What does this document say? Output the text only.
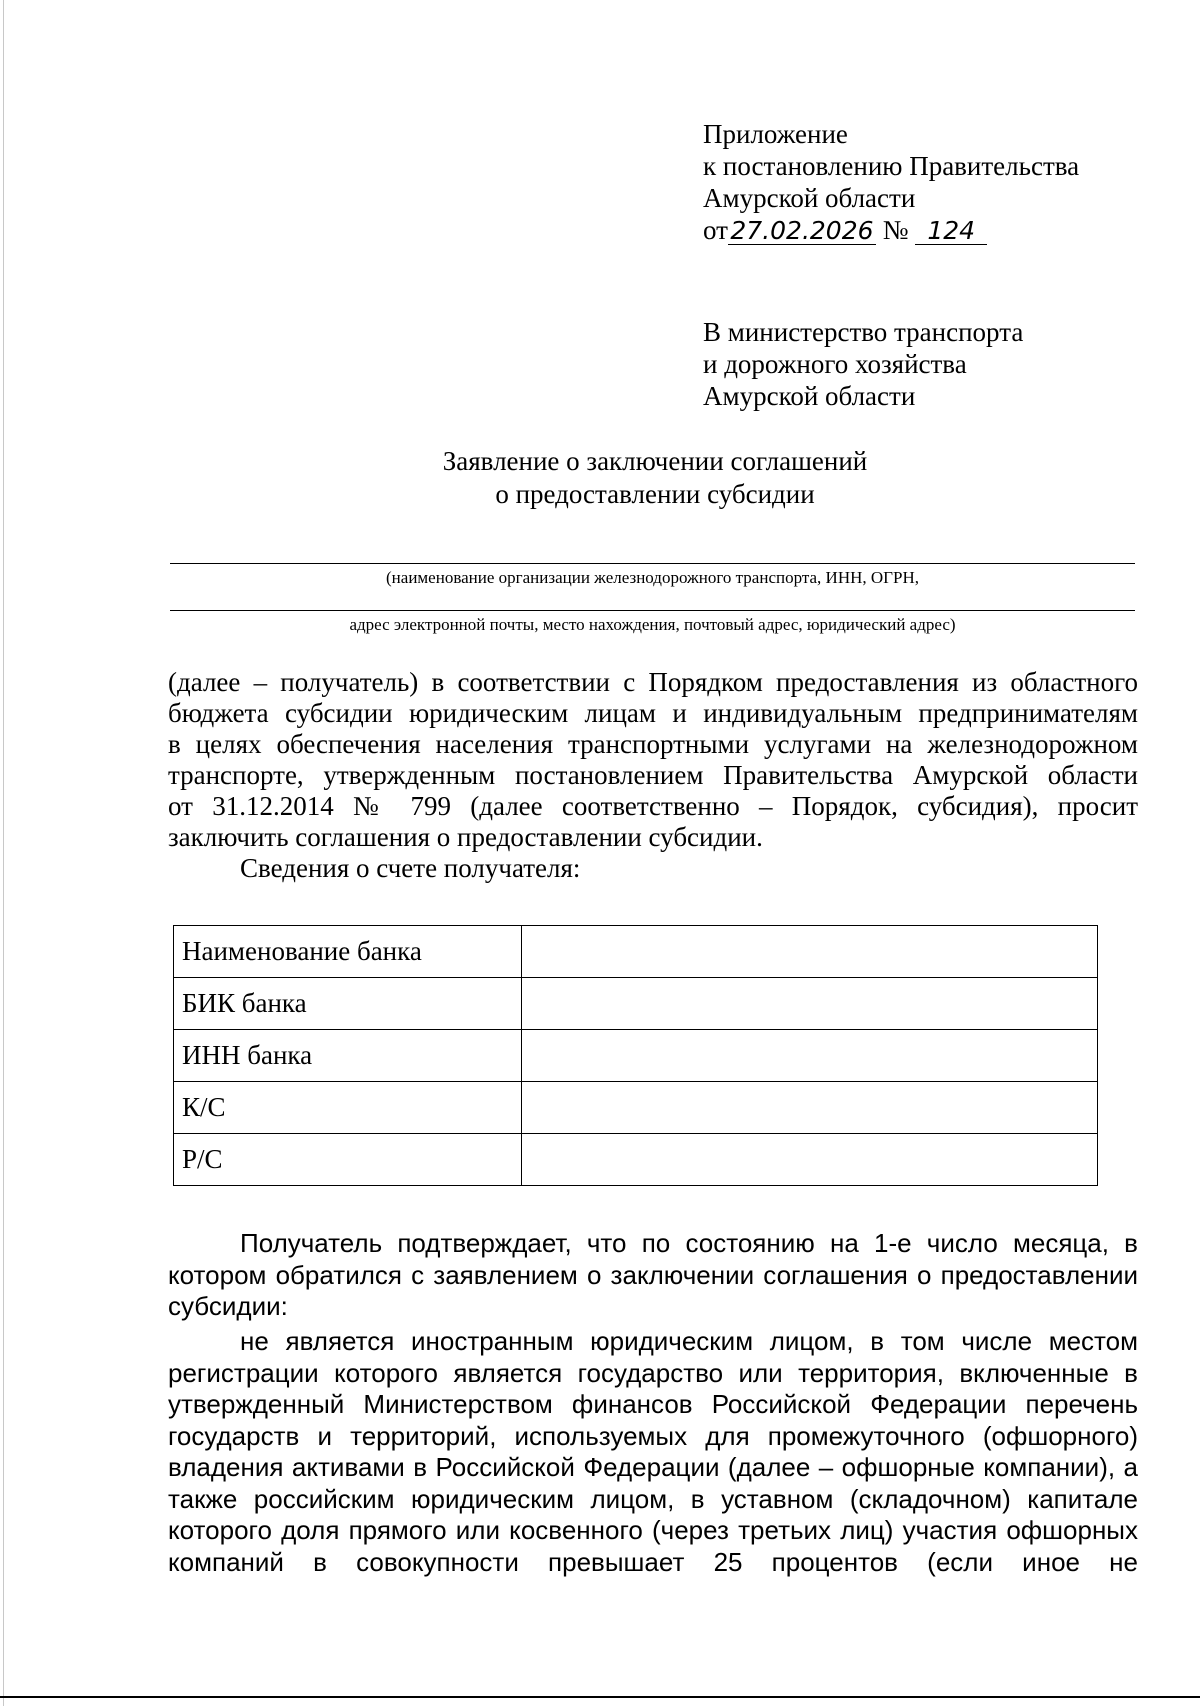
Приложение
к постановлению Правительства
Амурской области
от27.02.2026 № 124
В министерство транспорта
и дорожного хозяйства
Амурской области
Заявление о заключении соглашений
о предоставлении субсидии
(наименование организации железнодорожного транспорта, ИНН, ОГРН,
адрес электронной почты, место нахождения, почтовый адрес, юридический адрес)
(далее – получатель) в соответствии с Порядком предоставления из областного
бюджета субсидии юридическим лицам и индивидуальным предпринимателям
в целях обеспечения населения транспортными услугами на железнодорожном
транспорте, утвержденным постановлением Правительства Амурской области
от 31.12.2014 № 799 (далее соответственно – Порядок, субсидия), просит
заключить соглашения о предоставлении субсидии.
Сведения о счете получателя:
Наименование банка	
БИК банка	
ИНН банка	
К/С	
Р/С	
Получатель подтверждает, что по состоянию на 1-е число месяца, в
котором обратился с заявлением о заключении соглашения о предоставлении
субсидии:
не является иностранным юридическим лицом, в том числе местом
регистрации которого является государство или территория, включенные в
утвержденный Министерством финансов Российской Федерации перечень
государств и территорий, используемых для промежуточного (офшорного)
владения активами в Российской Федерации (далее – офшорные компании), а
также российским юридическим лицом, в уставном (складочном) капитале
которого доля прямого или косвенного (через третьих лиц) участия офшорных
компаний в совокупности превышает 25 процентов (если иное не
